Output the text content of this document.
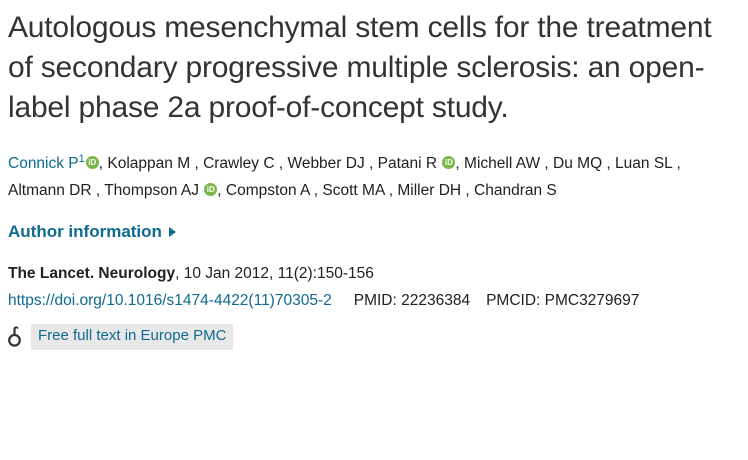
Autologous mesenchymal stem cells for the treatment of secondary progressive multiple sclerosis: an open-label phase 2a proof-of-concept study.
Connick P$^1$ iD , Kolappan M , Crawley C , Webber DJ , Patani R iD , Michell AW , Du MQ , Luan SL , Altmann DR , Thompson AJ iD , Compston A , Scott MA , Miller DH , Chandran S
Author information
The Lancet. Neurology, 10 Jan 2012, 11(2):150-156
https://doi.org/10.1016/s1474-4422(11)70305-2 PMID: 22236384 PMCID: PMC3279697
Free full text in Europe PMC
